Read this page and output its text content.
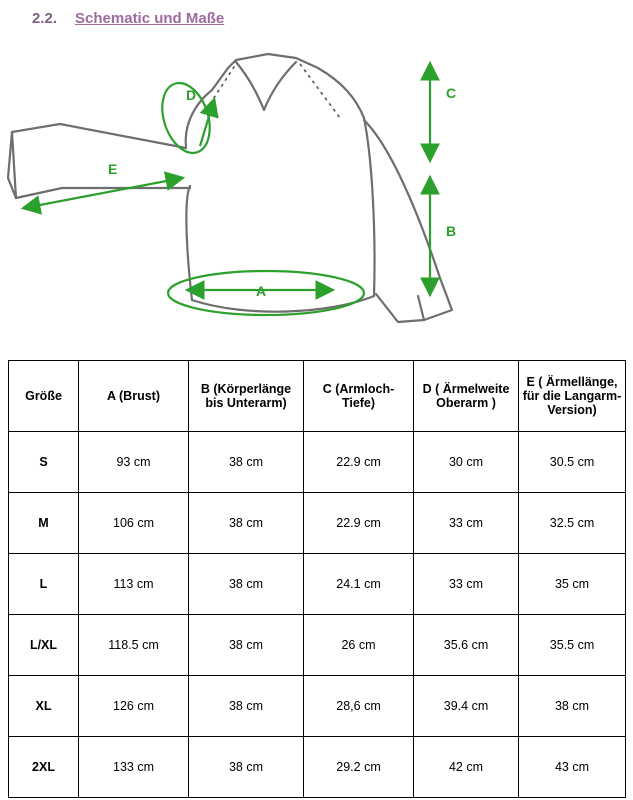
2.2. Schematic und Maße
C
B
E
D
A
Größe	A (Brust)	B (Körperlänge bis Unterarm)	C (Armloch-Tiefe)	D ( Ärmelweite Oberarm )	E ( Ärmellänge, für die Langarm-Version)
S	93 cm	38 cm	22.9 cm	30 cm	30.5 cm
M	106 cm	38 cm	22.9 cm	33 cm	32.5 cm
L	113 cm	38 cm	24.1 cm	33 cm	35 cm
L/XL	118.5 cm	38 cm	26 cm	35.6 cm	35.5 cm
XL	126 cm	38 cm	28,6 cm	39.4 cm	38 cm
2XL	133 cm	38 cm	29.2 cm	42 cm	43 cm
